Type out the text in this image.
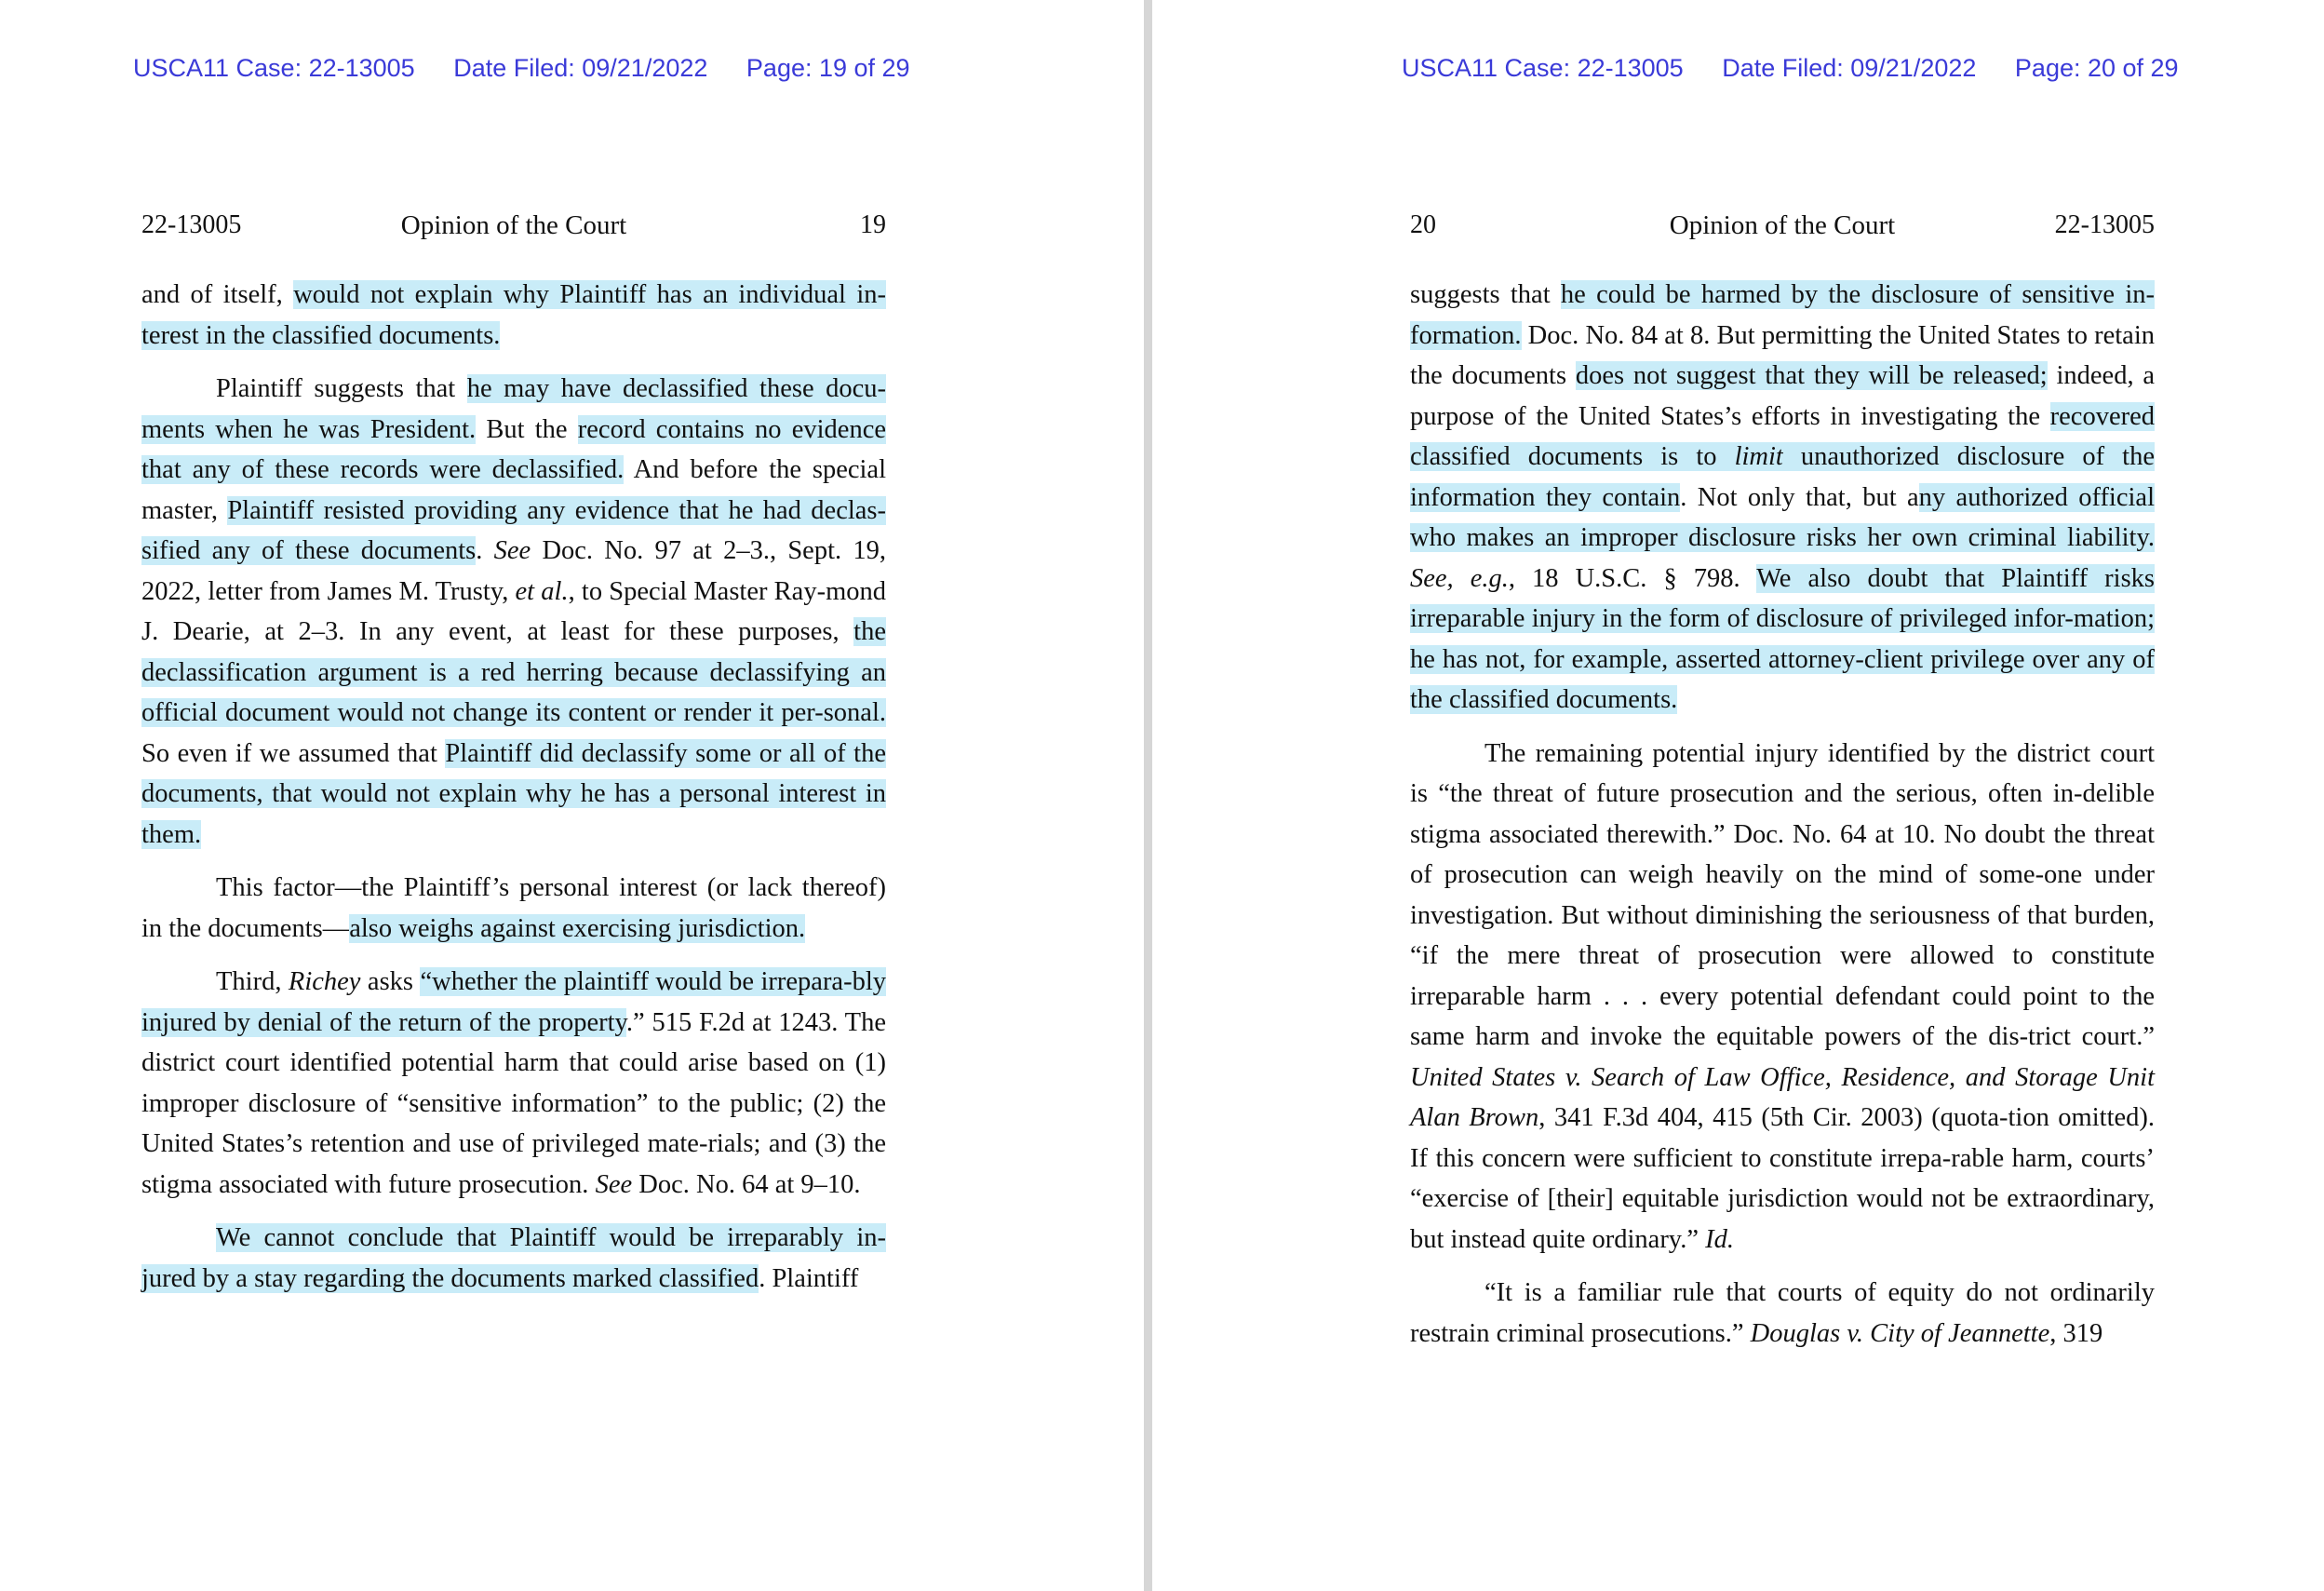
USCA11 Case: 22-13005 Date Filed: 09/21/2022 Page: 19 of 29
Opinion of the Court
22-13005	19

and of itself, would not explain why Plaintiff has an individual in-terest in the classified documents.

Plaintiff suggests that he may have declassified these docu-ments when he was President. But the record contains no evidence that any of these records were declassified. And before the special master, Plaintiff resisted providing any evidence that he had declas-sified any of these documents. See Doc. No. 97 at 2–3., Sept. 19, 2022, letter from James M. Trusty, et al., to Special Master Ray-mond J. Dearie, at 2–3. In any event, at least for these purposes, the declassification argument is a red herring because declassifying an official document would not change its content or render it per-sonal. So even if we assumed that Plaintiff did declassify some or all of the documents, that would not explain why he has a personal interest in them.

This factor—the Plaintiff’s personal interest (or lack thereof) in the documents—also weighs against exercising jurisdiction.

Third, Richey asks “whether the plaintiff would be irrepara-bly injured by denial of the return of the property.” 515 F.2d at 1243. The district court identified potential harm that could arise based on (1) improper disclosure of “sensitive information” to the public; (2) the United States’s retention and use of privileged mate-rials; and (3) the stigma associated with future prosecution. See Doc. No. 64 at 9–10.

We cannot conclude that Plaintiff would be irreparably in-jured by a stay regarding the documents marked classified. Plaintiff

USCA11 Case: 22-13005 Date Filed: 09/21/2022 Page: 20 of 29
Opinion of the Court
20	22-13005

suggests that he could be harmed by the disclosure of sensitive in-formation. Doc. No. 84 at 8. But permitting the United States to retain the documents does not suggest that they will be released; indeed, a purpose of the United States’s efforts in investigating the recovered classified documents is to limit unauthorized disclosure of the information they contain. Not only that, but any authorized official who makes an improper disclosure risks her own criminal liability. See, e.g., 18 U.S.C. § 798. We also doubt that Plaintiff risks irreparable injury in the form of disclosure of privileged infor-mation; he has not, for example, asserted attorney-client privilege over any of the classified documents.

The remaining potential injury identified by the district court is “the threat of future prosecution and the serious, often in-delible stigma associated therewith.” Doc. No. 64 at 10. No doubt the threat of prosecution can weigh heavily on the mind of some-one under investigation. But without diminishing the seriousness of that burden, “if the mere threat of prosecution were allowed to constitute irreparable harm . . . every potential defendant could point to the same harm and invoke the equitable powers of the dis-trict court.” United States v. Search of Law Office, Residence, and Storage Unit Alan Brown, 341 F.3d 404, 415 (5th Cir. 2003) (quota-tion omitted). If this concern were sufficient to constitute irrepa-rable harm, courts’ “exercise of [their] equitable jurisdiction would not be extraordinary, but instead quite ordinary.” Id.

“It is a familiar rule that courts of equity do not ordinarily restrain criminal prosecutions.” Douglas v. City of Jeannette, 319
